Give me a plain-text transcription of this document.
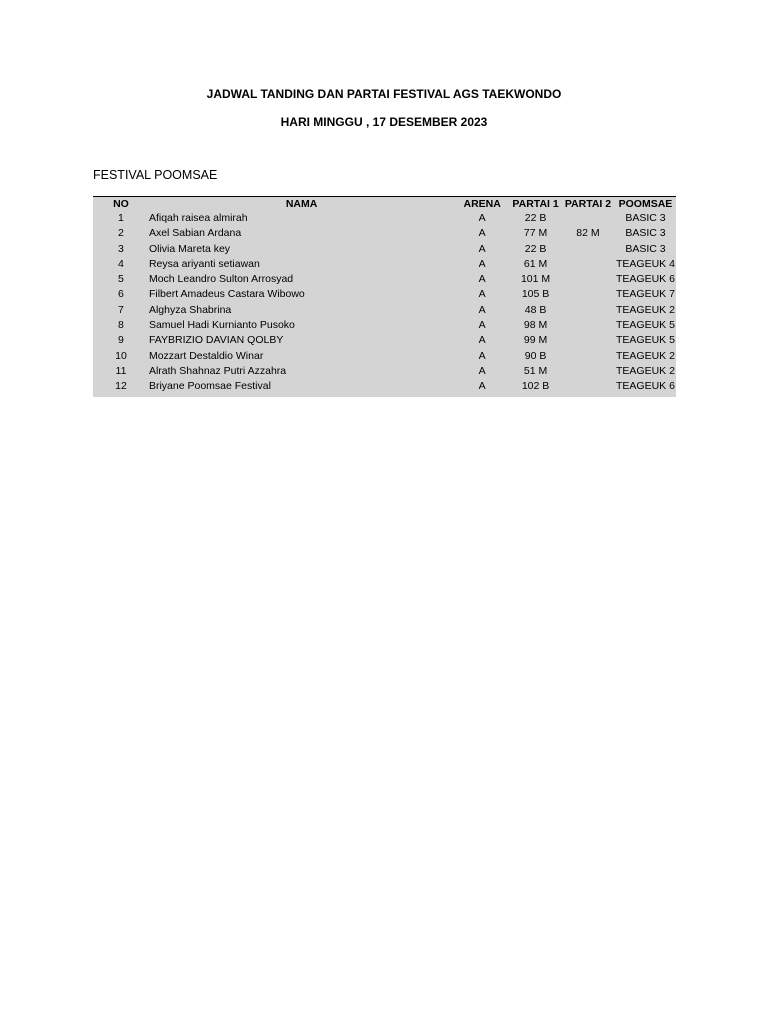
JADWAL TANDING DAN PARTAI FESTIVAL AGS TAEKWONDO
HARI MINGGU , 17 DESEMBER 2023
FESTIVAL POOMSAE
NO	NAMA	ARENA	PARTAI 1	PARTAI 2	POOMSAE
1	Afiqah raisea almirah	A	22 B		BASIC 3
2	Axel Sabian Ardana	A	77 M	82 M	BASIC 3
3	Olivia Mareta key	A	22 B		BASIC 3
4	Reysa ariyanti setiawan	A	61 M		TEAGEUK 4
5	Moch Leandro Sulton Arrosyad	A	101 M		TEAGEUK 6
6	Filbert Amadeus Castara Wibowo	A	105 B		TEAGEUK 7
7	Alghyza Shabrina	A	48 B		TEAGEUK 2
8	Samuel Hadi Kurnianto Pusoko	A	98 M		TEAGEUK 5
9	FAYBRIZIO DAVIAN QOLBY	A	99 M		TEAGEUK 5
10	Mozzart Destaldio Winar	A	90 B		TEAGEUK 2
11	Alrath Shahnaz Putri Azzahra	A	51 M		TEAGEUK 2
12	Briyane Poomsae Festival	A	102 B		TEAGEUK 6
